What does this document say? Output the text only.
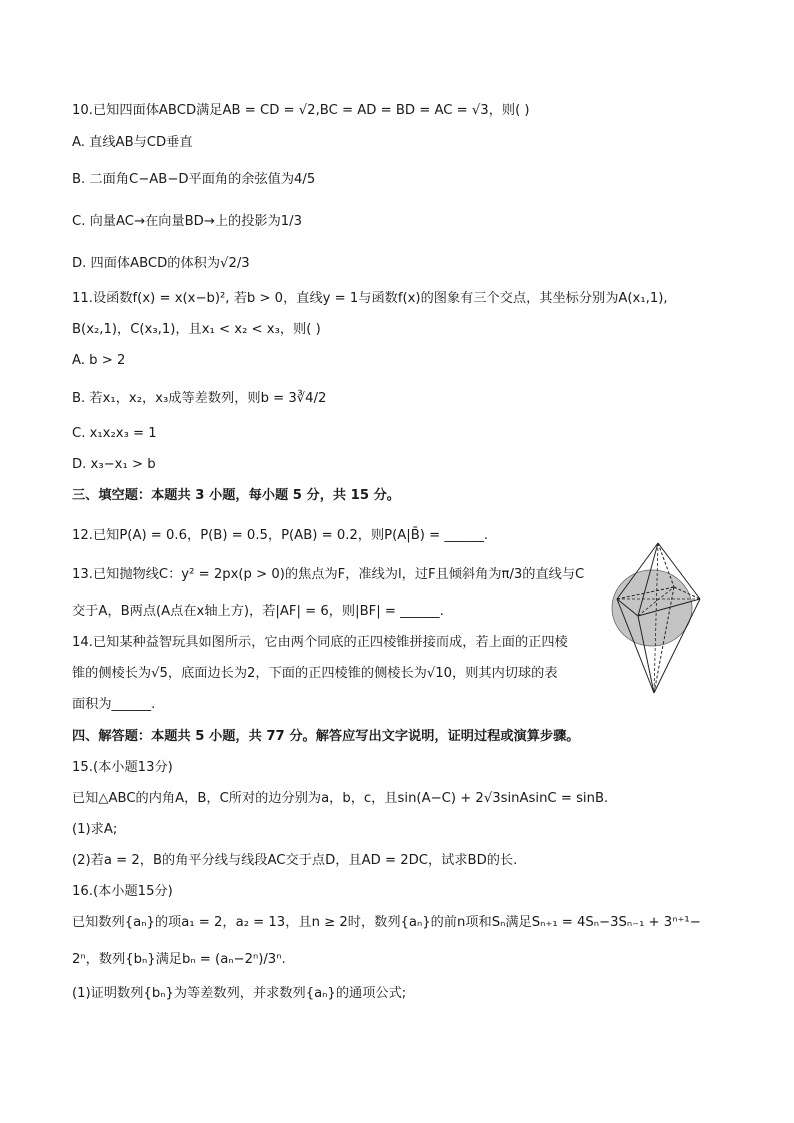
10.已知四面体ABCD满足AB = CD = √2,BC = AD = BD = AC = √3，则( )
A. 直线AB与CD垂直
B. 二面角C−AB−D平面角的余弦值为4/5
C. 向量AC→在向量BD→上的投影为1/3
D. 四面体ABCD的体积为√2/3
11.设函数f(x) = x(x−b)², 若b > 0，直线y = 1与函数f(x)的图象有三个交点，其坐标分别为A(x₁,1),
B(x₂,1)，C(x₃,1)，且x₁ < x₂ < x₃，则( )
A. b > 2
B. 若x₁，x₂，x₃成等差数列，则b = 3∛4/2
C. x₁x₂x₃ = 1
D. x₃−x₁ > b
三、填空题：本题共 3 小题，每小题 5 分，共 15 分。
12.已知P(A) = 0.6，P(B) = 0.5，P(AB) = 0.2，则P(A|B̄) = ______.
13.已知抛物线C：y² = 2px(p > 0)的焦点为F，准线为l，过F且倾斜角为π/3的直线与C
交于A，B两点(A点在x轴上方)，若|AF| = 6，则|BF| = ______.
14.已知某种益智玩具如图所示，它由两个同底的正四棱锥拼接而成，若上面的正四棱
锥的侧棱长为√5，底面边长为2，下面的正四棱锥的侧棱长为√10，则其内切球的表
面积为______.
四、解答题：本题共 5 小题，共 77 分。解答应写出文字说明，证明过程或演算步骤。
15.(本小题13分)
已知△ABC的内角A，B，C所对的边分别为a，b，c，且sin(A−C) + 2√3sinAsinC = sinB.
(1)求A;
(2)若a = 2，B的角平分线与线段AC交于点D，且AD = 2DC，试求BD的长.
16.(本小题15分)
已知数列{aₙ}的项a₁ = 2，a₂ = 13，且n ≥ 2时，数列{aₙ}的前n项和Sₙ满足Sₙ₊₁ = 4Sₙ−3Sₙ₋₁ + 3ⁿ⁺¹−
2ⁿ，数列{bₙ}满足bₙ = (aₙ−2ⁿ)/3ⁿ.
(1)证明数列{bₙ}为等差数列，并求数列{aₙ}的通项公式;
